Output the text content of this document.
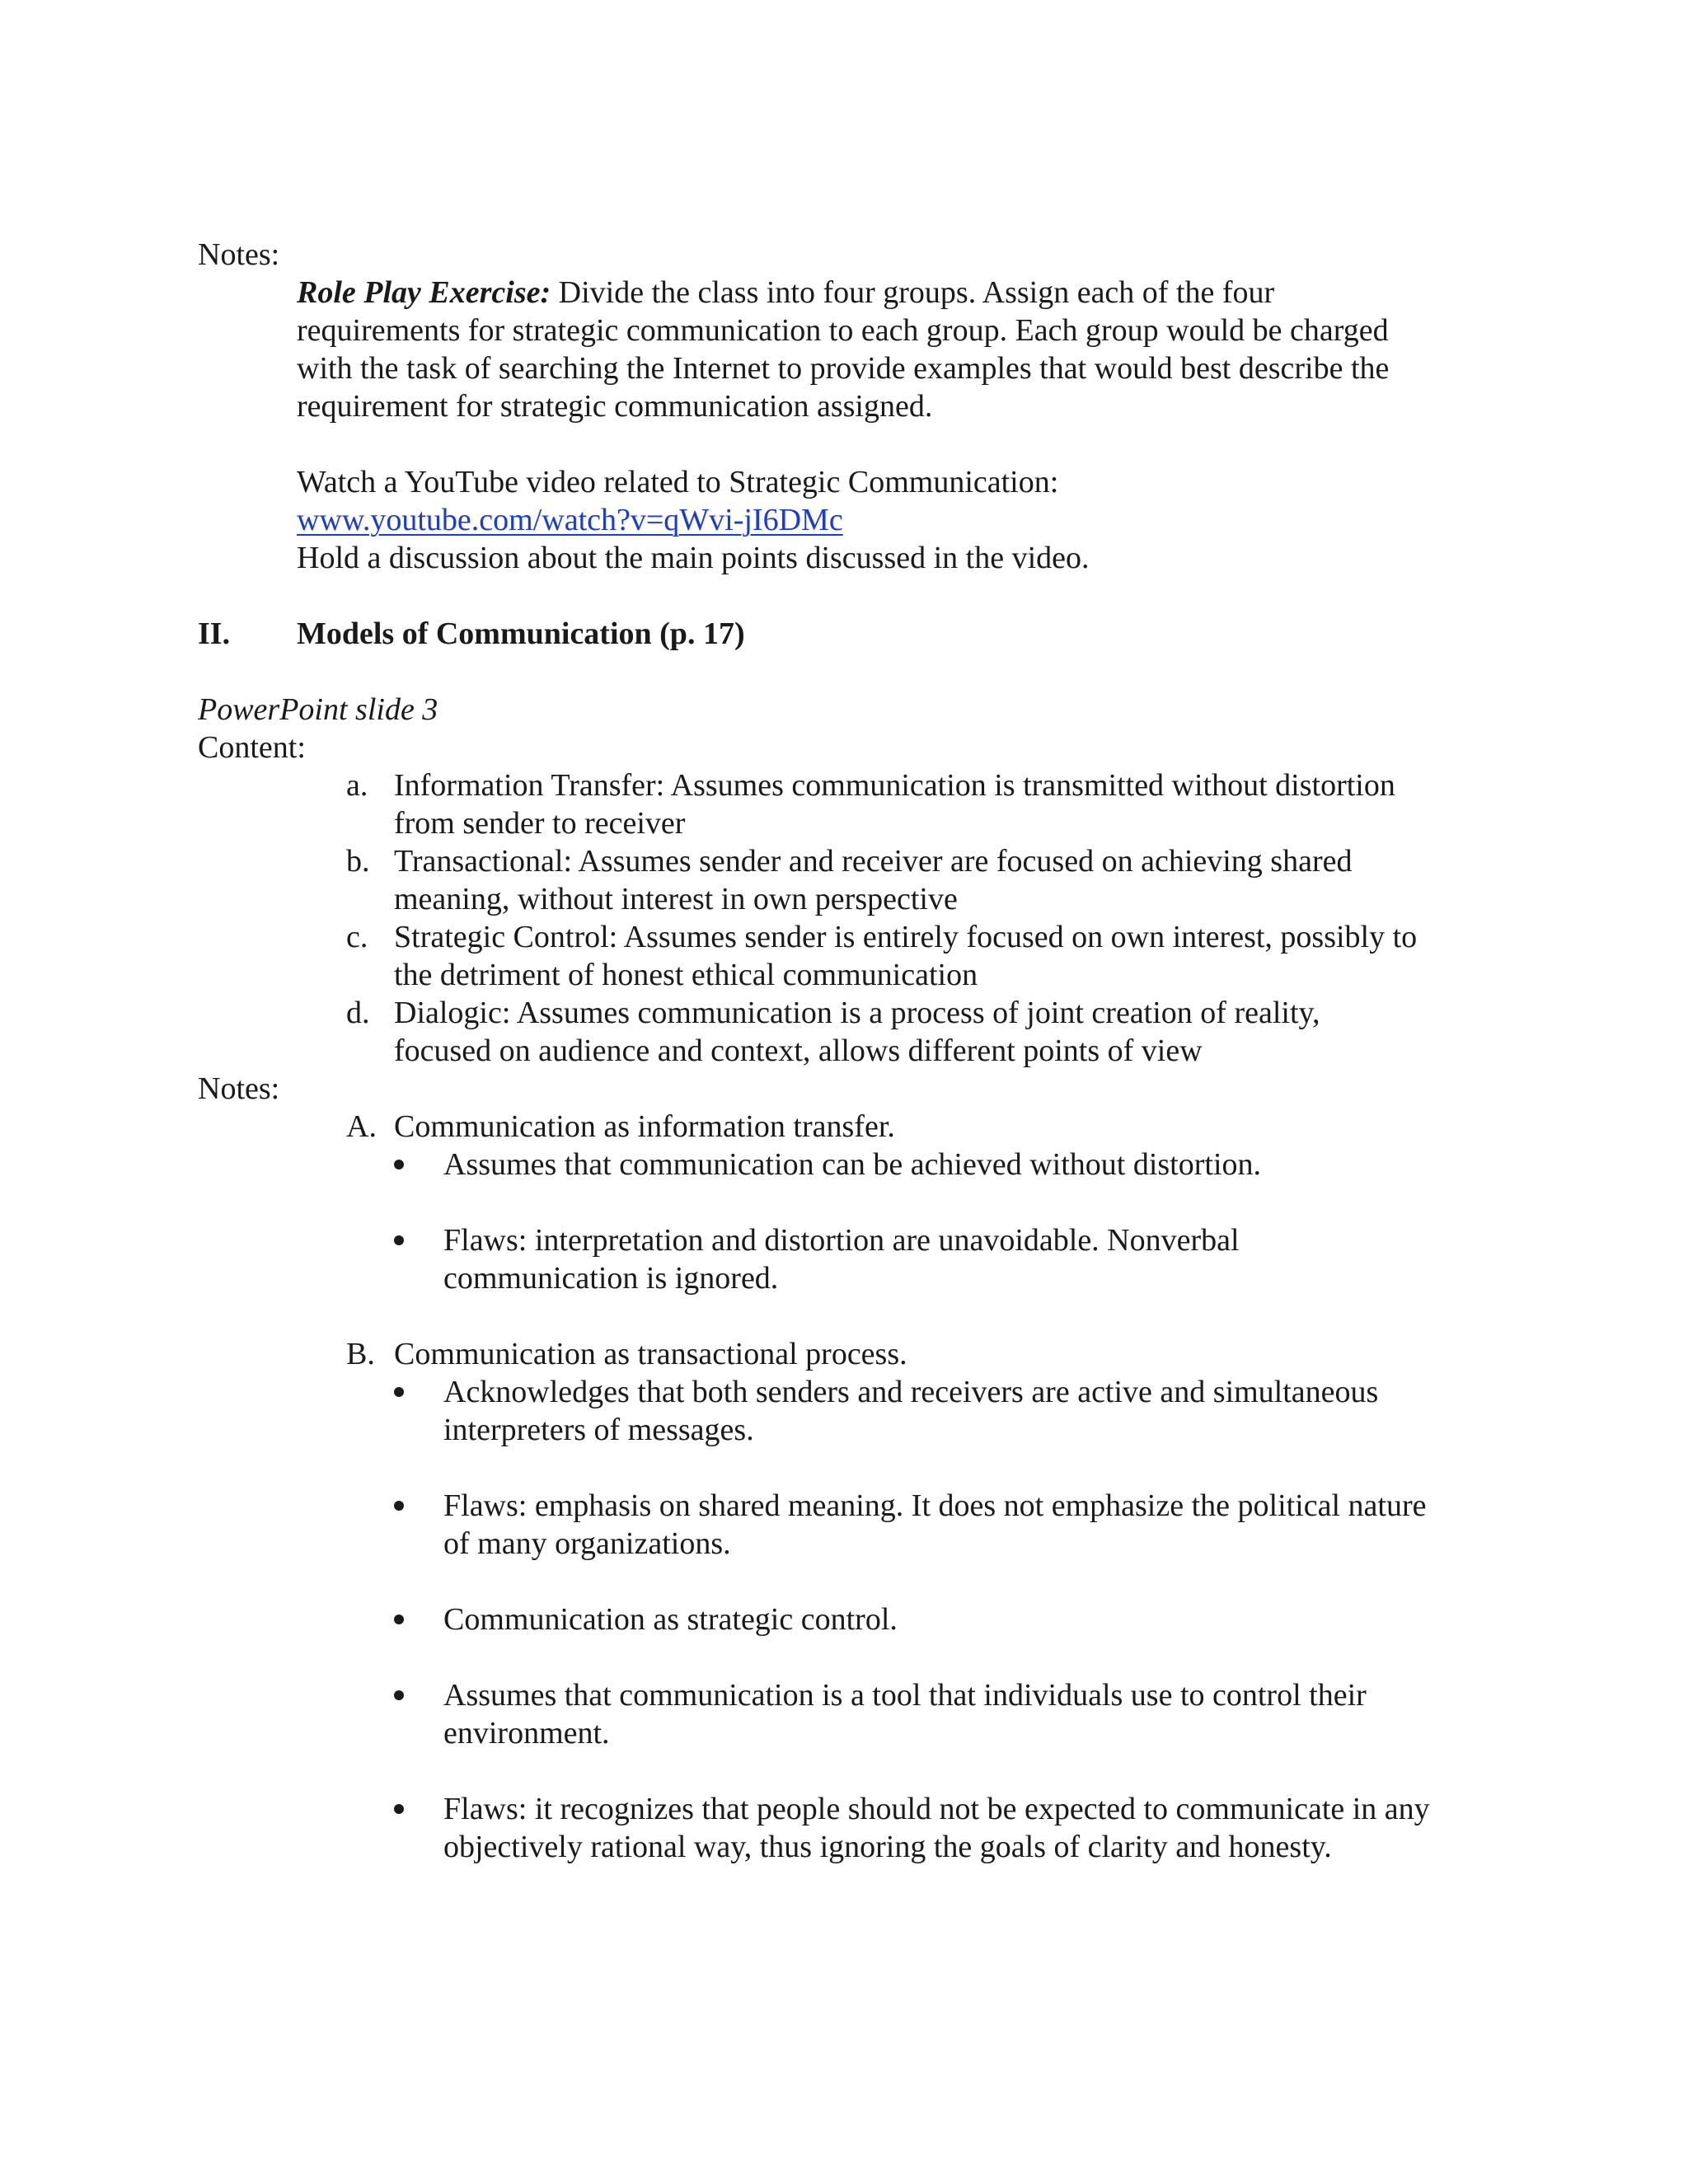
Notes:
Role Play Exercise: Divide the class into four groups. Assign each of the four
requirements for strategic communication to each group. Each group would be charged
with the task of searching the Internet to provide examples that would best describe the
requirement for strategic communication assigned.
Watch a YouTube video related to Strategic Communication:
www.youtube.com/watch?v=qWvi-jI6DMc
Hold a discussion about the main points discussed in the video.
II. Models of Communication (p. 17)
PowerPoint slide 3
Content:
a. Information Transfer: Assumes communication is transmitted without distortion
from sender to receiver
b. Transactional: Assumes sender and receiver are focused on achieving shared
meaning, without interest in own perspective
c. Strategic Control: Assumes sender is entirely focused on own interest, possibly to
the detriment of honest ethical communication
d. Dialogic: Assumes communication is a process of joint creation of reality,
focused on audience and context, allows different points of view
Notes:
A. Communication as information transfer.
Assumes that communication can be achieved without distortion.
Flaws: interpretation and distortion are unavoidable. Nonverbal
communication is ignored.
B. Communication as transactional process.
Acknowledges that both senders and receivers are active and simultaneous
interpreters of messages.
Flaws: emphasis on shared meaning. It does not emphasize the political nature
of many organizations.
Communication as strategic control.
Assumes that communication is a tool that individuals use to control their
environment.
Flaws: it recognizes that people should not be expected to communicate in any
objectively rational way, thus ignoring the goals of clarity and honesty.
